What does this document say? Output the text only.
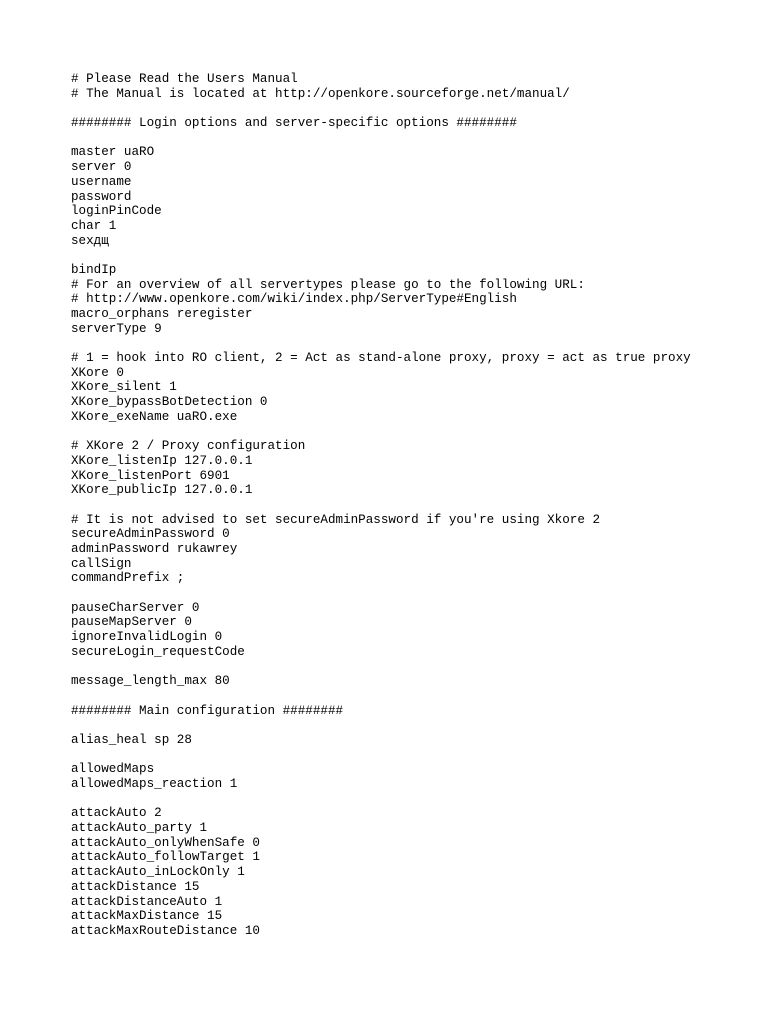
# Please Read the Users Manual
# The Manual is located at http://openkore.sourceforge.net/manual/
######## Login options and server-specific options ########
master uaRO
server 0
username
password
loginPinCode
char 1
sexдщ
bindIp
# For an overview of all servertypes please go to the following URL:
# http://www.openkore.com/wiki/index.php/ServerType#English
macro_orphans reregister
serverType 9
# 1 = hook into RO client, 2 = Act as stand-alone proxy, proxy = act as true proxy
XKore 0
XKore_silent 1
XKore_bypassBotDetection 0
XKore_exeName uaRO.exe
# XKore 2 / Proxy configuration
XKore_listenIp 127.0.0.1
XKore_listenPort 6901
XKore_publicIp 127.0.0.1
# It is not advised to set secureAdminPassword if you're using Xkore 2
secureAdminPassword 0
adminPassword rukawrey
callSign
commandPrefix ;
pauseCharServer 0
pauseMapServer 0
ignoreInvalidLogin 0
secureLogin_requestCode
message_length_max 80
######## Main configuration ########
alias_heal sp 28
allowedMaps
allowedMaps_reaction 1
attackAuto 2
attackAuto_party 1
attackAuto_onlyWhenSafe 0
attackAuto_followTarget 1
attackAuto_inLockOnly 1
attackDistance 15
attackDistanceAuto 1
attackMaxDistance 15
attackMaxRouteDistance 10
